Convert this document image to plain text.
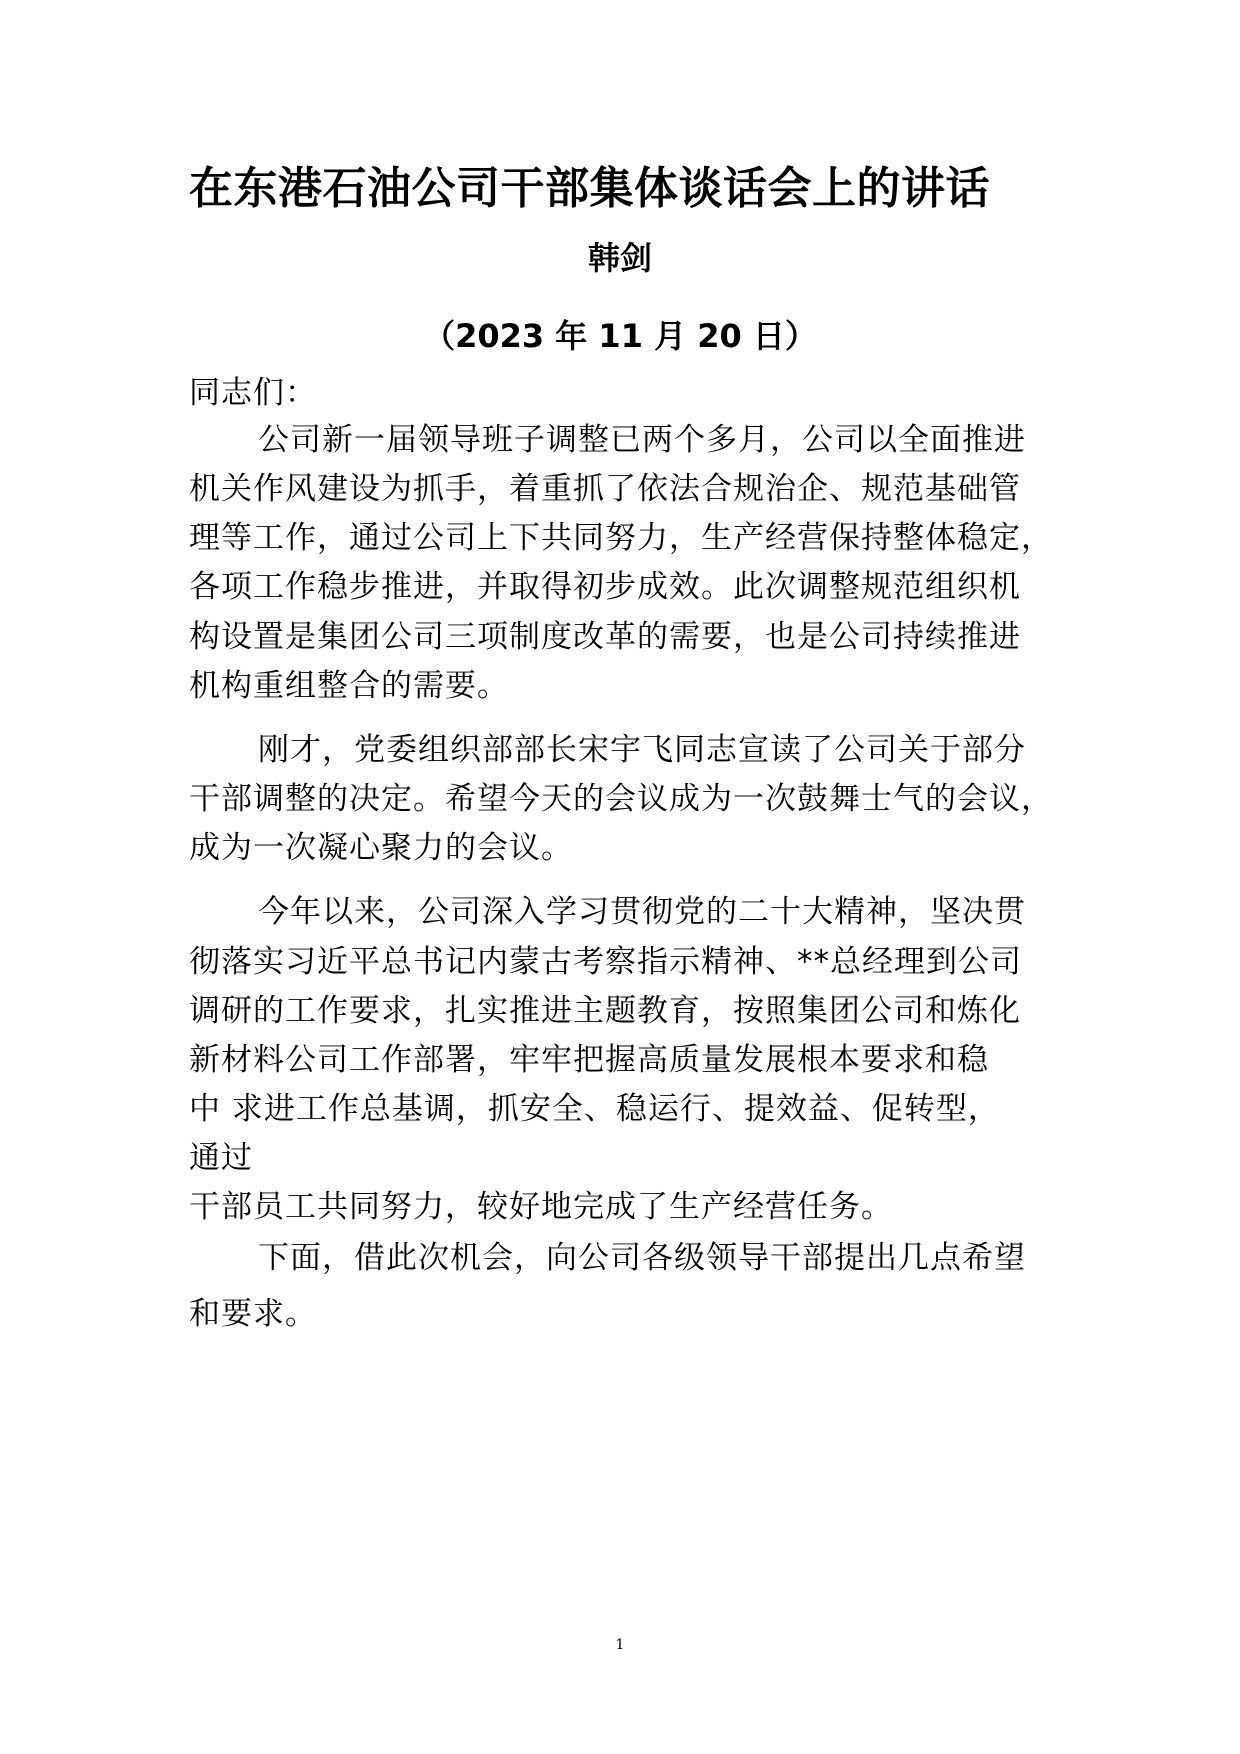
在东港石油公司干部集体谈话会上的讲话
韩剑
（2023 年 11 月 20 日）
同志们：
公司新一届领导班子调整已两个多月，公司以全面推进
机关作风建设为抓手，着重抓了依法合规治企、规范基础管
理等工作，通过公司上下共同努力，生产经营保持整体稳定，
各项工作稳步推进，并取得初步成效。此次调整规范组织机
构设置是集团公司三项制度改革的需要，也是公司持续推进
机构重组整合的需要。
刚才，党委组织部部长宋宇飞同志宣读了公司关于部分
干部调整的决定。希望今天的会议成为一次鼓舞士气的会议，
成为一次凝心聚力的会议。
今年以来，公司深入学习贯彻党的二十大精神，坚决贯
彻落实习近平总书记内蒙古考察指示精神、**总经理到公司
调研的工作要求，扎实推进主题教育，按照集团公司和炼化
新材料公司工作部署，牢牢把握高质量发展根本要求和稳
中 求进工作总基调，抓安全、稳运行、提效益、促转型，
通过
干部员工共同努力，较好地完成了生产经营任务。
下面，借此次机会，向公司各级领导干部提出几点希望
和要求。
1
